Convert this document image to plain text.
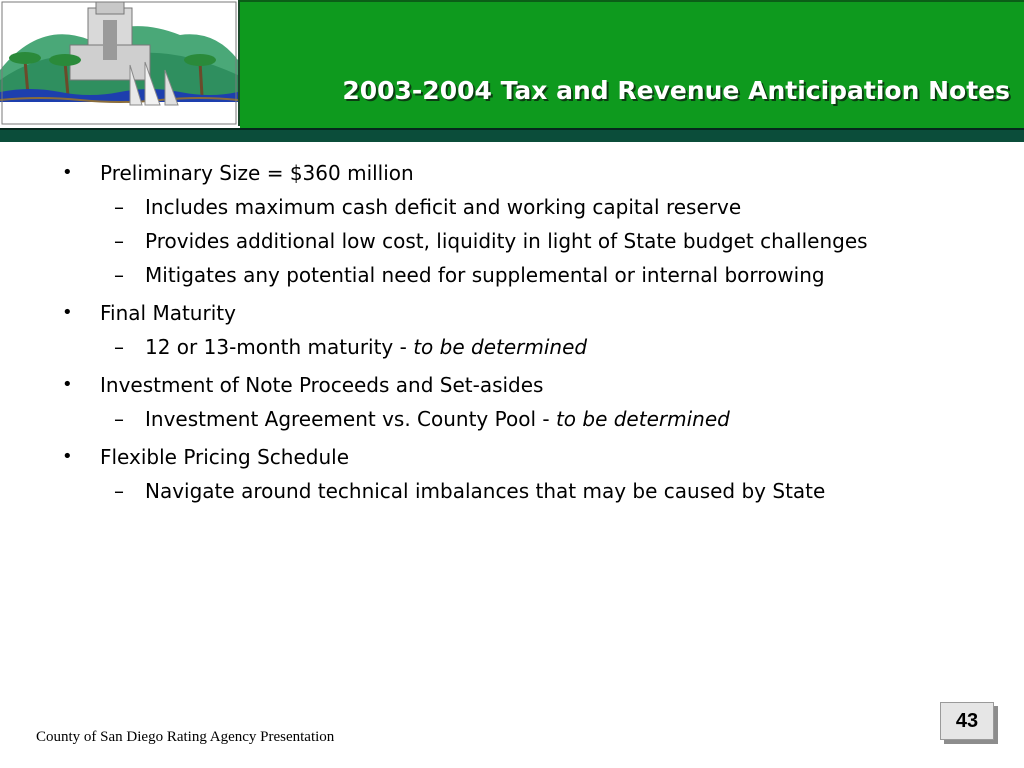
2003-2004 Tax and Revenue Anticipation Notes
• Preliminary Size = $360 million
– Includes maximum cash deficit and working capital reserve
– Provides additional low cost, liquidity in light of State budget challenges
– Mitigates any potential need for supplemental or internal borrowing
• Final Maturity
– 12 or 13-month maturity - to be determined
• Investment of Note Proceeds and Set-asides
– Investment Agreement vs. County Pool - to be determined
• Flexible Pricing Schedule
– Navigate around technical imbalances that may be caused by State
County of San Diego Rating Agency Presentation
43
